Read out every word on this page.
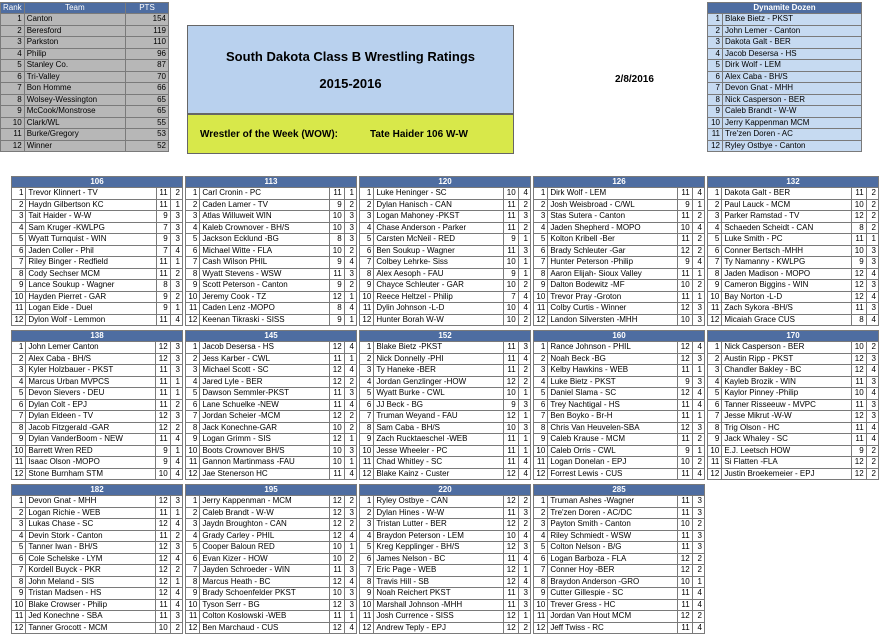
Rank	Team	PTS
1	Canton	154
2	Beresford	119
3	Parkston	110
4	Philip	96
5	Stanley Co.	87
6	Tri-Valley	70
7	Bon Homme	66
8	Wolsey-Wessington	65
9	McCook/Monstrose	65
10	Clark/WL	55
11	Burke/Gregory	53
12	Winner	52
South Dakota Class B Wrestling Ratings
2015-2016
Wrestler of the Week (WOW):	Tate Haider 106 W-W
2/8/2016
Dynamite Dozen	
1	Blake Bietz - PKST
2	John Lemer - Canton
3	Dakota Galt - BER
4	Jacob Desersa - HS
5	Dirk Wolf - LEM
6	Alex Caba - BH/S
7	Devon Gnat - MHH
8	Nick Casperson - BER
9	Caleb Brandt - W-W
10	Jerry Kappenman MCM
11	Tre'zen Doren - AC
12	Ryley Ostbye - Canton
106			
1	Trevor Klinnert - TV	11	2
2	Haydn Gilbertson KC	11	1
3	Tait Haider - W-W	9	3
4	Sam Kruger -KWLPG	7	3
5	Wyatt Turnquist - WIN	9	3
6	Jaden Coller - Phil	7	4
7	Riley Binger - Redfield	11	1
8	Cody Sechser MCM	11	2
9	Lance Soukup - Wagner	8	3
10	Hayden Pierret - GAR	9	2
11	Logan Eide - Duel	9	1
12	Dylon Wolf - Lemmon	11	4
113			
1	Carl Cronin - PC	11	1
2	Caden Lamer - TV	9	2
3	Atlas Willuweit WIN	10	3
4	Kaleb Crownover - BH/S	10	3
5	Jackson Ecklund -BG	8	3
6	Michael Witte - FLA	10	2
7	Cash Wilson PHIL	9	4
8	Wyatt Stevens - WSW	11	3
9	Scott Peterson - Canton	9	2
10	Jeremy Cook - TZ	12	1
11	Caden Lenz -MOPO	8	4
12	Keenan Tikraski - SISS	9	1
120			
1	Luke Heninger - SC	10	4
2	Dylan Hanisch - CAN	11	2
3	Logan Mahoney -PKST	11	3
4	Chase Anderson - Parker	11	2
5	Carsten McNeil - RED	9	1
6	Ben Soukup - Wagner	11	3
7	Colbey Lehrke- Siss	10	1
8	Alex Aesoph - FAU	9	1
9	Chayce Schleuter - GAR	10	2
10	Reece Heltzel - Philip	7	4
11	Dylin Johnson -L-D	10	4
12	Hunter Borah W-W	10	2
126			
1	Dirk Wolf - LEM	11	4
2	Josh Weisbroad - C/WL	9	1
3	Stas Sutera - Canton	11	2
4	Jaden Shepherd - MOPO	10	4
5	Kolton Kribell -Ber	11	2
6	Brady Schleuter -Gar	12	2
7	Hunter Peterson -Philip	9	4
8	Aaron Elijah- Sioux Valley	11	1
9	Dalton Bodewitz -MF	10	2
10	Trevor Pray -Groton	11	1
11	Colby Curtis - Winner	12	3
12	Landon Silversten -MHH	10	3
132			
1	Dakota Galt - BER	11	2
2	Paul Lauck - MCM	10	2
3	Parker Ramstad - TV	12	2
4	Schaeden Scheidt - CAN	8	2
5	Luke Smith - PC	11	1
6	Conner Bertsch -MHH	10	3
7	Ty Namanny - KWLPG	9	3
8	Jaden Madison - MOPO	12	4
9	Cameron Biggins - WIN	12	3
10	Bay Norton -L-D	12	4
11	Zach Sykora -BH/S	11	3
12	Micaiah Grace CUS	8	4
138			
1	John Lemer Canton	12	3
2	Alex Caba - BH/S	12	3
3	Kyler Holzbauer - PKST	11	3
4	Marcus Urban MVPCS	11	1
5	Devon Sievers - DEU	11	1
6	Dylan Colt - EPJ	11	2
7	Dylan Eldeen - TV	12	3
8	Jacob Fitzgerald -GAR	12	2
9	Dylan VanderBoom - NEW	11	4
10	Barrett Wren RED	9	1
11	Isaac Olson -MOPO	9	4
12	Stone Burnham STM	10	4
145			
1	Jacob Desersa - HS	12	4
2	Jess Karber - CWL	11	1
3	Michael Scott - SC	12	4
4	Jared Lyle - BER	12	2
5	Dawson Semmler-PKST	11	3
6	Lane Schuelke -NEW	11	4
7	Jordan Scheier -MCM	12	2
8	Jack Konechne-GAR	10	2
9	Logan Grimm - SIS	12	1
10	Boots Crownover BH/S	10	3
11	Gannon Martinmass -FAU	10	1
12	Jae Stenerson HC	11	4
152			
1	Blake Bietz -PKST	11	3
2	Nick Donnelly -PHI	11	4
3	Ty Haneke -BER	11	2
4	Jordan Genzlinger -HOW	12	2
5	Wyatt Burke - CWL	10	1
6	JJ Beck - BG	9	3
7	Truman Weyand - FAU	12	1
8	Sam Caba - BH/S	10	3
9	Zach Rucktaeschel -WEB	11	1
10	Jesse Wheeler - PC	11	1
11	Chad Whitley - SC	11	4
12	Blake Kainz - Custer	12	4
160			
1	Rance Johnson - PHIL	12	4
2	Noah Beck -BG	12	3
3	Kelby Hawkins - WEB	11	1
4	Luke Bietz - PKST	9	3
5	Daniel Slama - SC	12	4
6	Trey Nachtigal - HS	11	4
7	Ben Boyko - Br-H	11	1
8	Chris Van Heuvelen-SBA	12	3
9	Caleb Krause - MCM	11	2
10	Caleb Orris - CWL	9	1
11	Logan Donelan - EPJ	10	2
12	Forrest Lewis - CUS	11	4
170			
1	Nick Casperson - BER	10	2
2	Austin Ripp - PKST	12	3
3	Chandler Bakley - BC	12	4
4	Kayleb Brozik - WIN	11	3
5	Kaylor Pinney -Philip	10	4
6	Tanner Risseeuw - MVPC	11	3
7	Jesse Mikrut -W-W	12	3
8	Trig Olson - HC	11	4
9	Jack Whaley - SC	11	4
10	E.J. Leetsch HOW	9	2
11	Si Flatten -FLA	12	2
12	Justin Broekemeier - EPJ	12	2
182			
1	Devon Gnat - MHH	12	3
2	Logan Richie - WEB	11	1
3	Lukas Chase - SC	12	4
4	Devin Stork - Canton	11	2
5	Tanner Iwan - BH/S	12	3
6	Cole Schelske - LYM	12	4
7	Kordell Buyck - PKR	12	2
8	John Meland - SIS	12	1
9	Tristan Madsen - HS	12	4
10	Blake Crowser - Philip	11	4
11	Jed Konechne - SBA	11	3
12	Tanner Grocott - MCM	10	2
195			
1	Jerry Kappenman - MCM	12	2
2	Caleb Brandt - W-W	12	3
3	Jaydn Broughton - CAN	12	2
4	Grady Carley - PHIL	12	4
5	Cooper Baloun RED	10	1
6	Evan Kizer - HOW	10	2
7	Jayden Schroeder - WIN	11	3
8	Marcus Heath - BC	12	4
9	Brady Schoenfelder PKST	10	3
10	Tyson Serr - BG	12	3
11	Colton Koslowski -WEB	11	1
12	Ben Marchaud - CUS	12	4
220			
1	Ryley Ostbye - CAN	12	2
2	Dylan Hines - W-W	11	3
3	Tristan Lutter - BER	12	2
4	Braydon Peterson - LEM	10	4
5	Kreg Kepplinger - BH/S	12	3
6	James Nelson - BC	11	4
7	Eric Page - WEB	12	1
8	Travis Hill - SB	12	4
9	Noah Reichert PKST	11	3
10	Marshall Johnson -MHH	11	3
11	Josh Currence - SISS	12	1
12	Andrew Teply - EPJ	12	2
285			
1	Truman Ashes -Wagner	11	3
2	Tre'zen Doren - AC/DC	11	3
3	Payton Smith - Canton	10	2
4	Riley Schmiedt - WSW	11	3
5	Colton Nelson - B/G	11	3
6	Logan Barboza - FLA	12	2
7	Conner Hoy -BER	12	2
8	Braydon Anderson -GRO	10	1
9	Cutter Gillespie - SC	11	4
10	Trever Gress - HC	11	4
11	Jordan Van Hout MCM	12	2
12	Jeff Twiss - RC	11	4
